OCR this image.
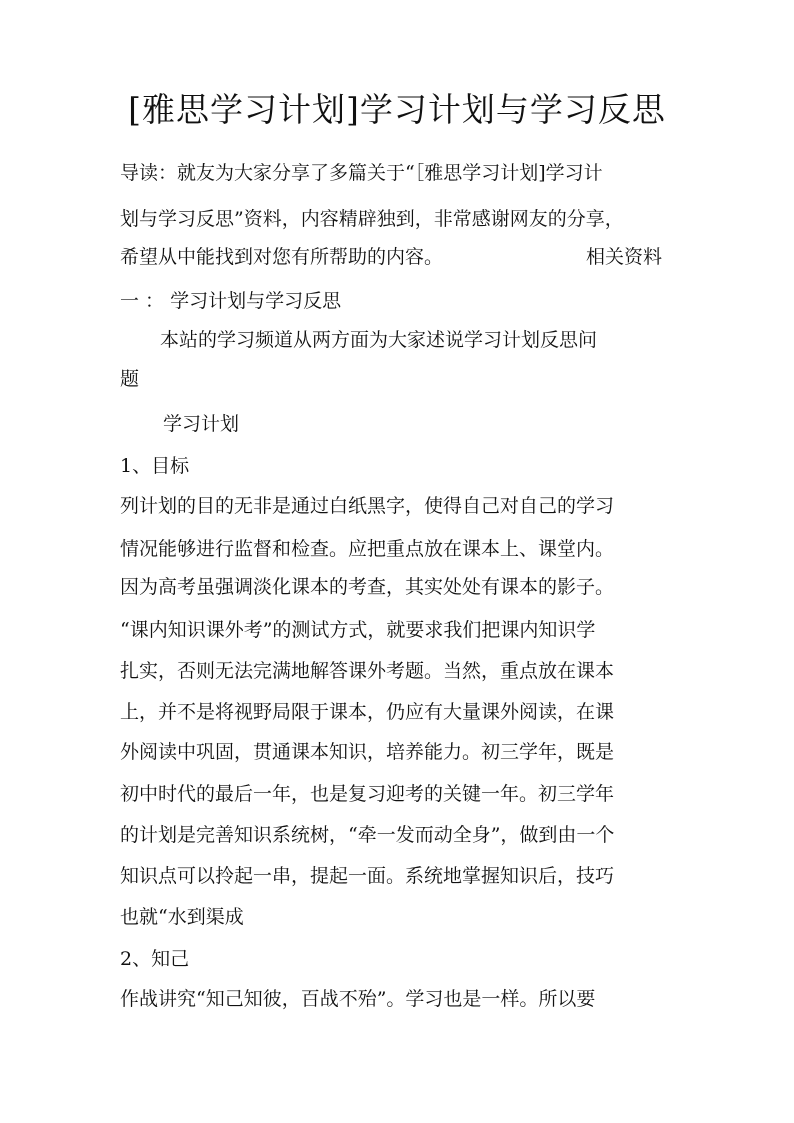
[雅思学习计划]学习计划与学习反思
导读：就友为大家分享了多篇关于“［雅思学习计划]学习计
划与学习反思”资料，内容精辟独到，非常感谢网友的分享，
希望从中能找到对您有所帮助的内容。	相关资料
一 ： 学习计划与学习反思
本站的学习频道从两方面为大家述说学习计划反思问
题
学习计划
1、目标
列计划的目的无非是通过白纸黑字，使得自己对自己的学习
情况能够进行监督和检查。应把重点放在课本上、课堂内。
因为高考虽强调淡化课本的考查，其实处处有课本的影子。
“课内知识课外考”的测试方式，就要求我们把课内知识学
扎实，否则无法完满地解答课外考题。当然，重点放在课本
上，并不是将视野局限于课本，仍应有大量课外阅读，在课
外阅读中巩固，贯通课本知识，培养能力。初三学年，既是
初中时代的最后一年，也是复习迎考的关键一年。初三学年
的计划是完善知识系统树，“牵一发而动全身”，做到由一个
知识点可以拎起一串，提起一面。系统地掌握知识后，技巧
也就“水到渠成
2、知己
作战讲究“知己知彼，百战不殆”。学习也是一样。所以要
